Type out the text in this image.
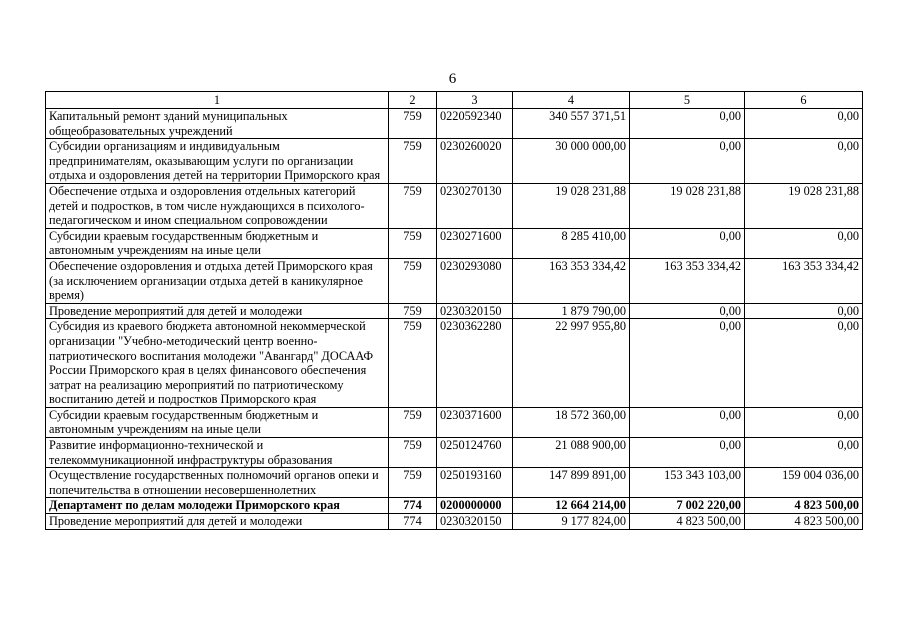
6
1	2	3	4	5	6
Капитальный ремонт зданий муниципальных общеобразовательных учреждений	759	0220592340	340 557 371,51	0,00	0,00
Субсидии организациям и индивидуальным предпринимателям, оказывающим услуги по организации отдыха и оздоровления детей на территории Приморского края	759	0230260020	30 000 000,00	0,00	0,00
Обеспечение отдыха и оздоровления отдельных категорий детей и подростков, в том числе нуждающихся в психолого-педагогическом и ином специальном сопровождении	759	0230270130	19 028 231,88	19 028 231,88	19 028 231,88
Субсидии краевым государственным бюджетным и автономным учреждениям на иные цели	759	0230271600	8 285 410,00	0,00	0,00
Обеспечение оздоровления и отдыха детей Приморского края (за исключением организации отдыха детей в каникулярное время)	759	0230293080	163 353 334,42	163 353 334,42	163 353 334,42
Проведение мероприятий для детей и молодежи	759	0230320150	1 879 790,00	0,00	0,00
Субсидия из краевого бюджета автономной некоммерческой организации "Учебно-методический центр военно-патриотического воспитания молодежи "Авангард" ДОСААФ России Приморского края в целях финансового обеспечения затрат на реализацию мероприятий по патриотическому воспитанию детей и подростков Приморского края	759	0230362280	22 997 955,80	0,00	0,00
Субсидии краевым государственным бюджетным и автономным учреждениям на иные цели	759	0230371600	18 572 360,00	0,00	0,00
Развитие информационно-технической и телекоммуникационной инфраструктуры образования	759	0250124760	21 088 900,00	0,00	0,00
Осуществление государственных полномочий органов опеки и попечительства в отношении несовершеннолетних	759	0250193160	147 899 891,00	153 343 103,00	159 004 036,00
Департамент по делам молодежи Приморского края	774	0200000000	12 664 214,00	7 002 220,00	4 823 500,00
Проведение мероприятий для детей и молодежи	774	0230320150	9 177 824,00	4 823 500,00	4 823 500,00
